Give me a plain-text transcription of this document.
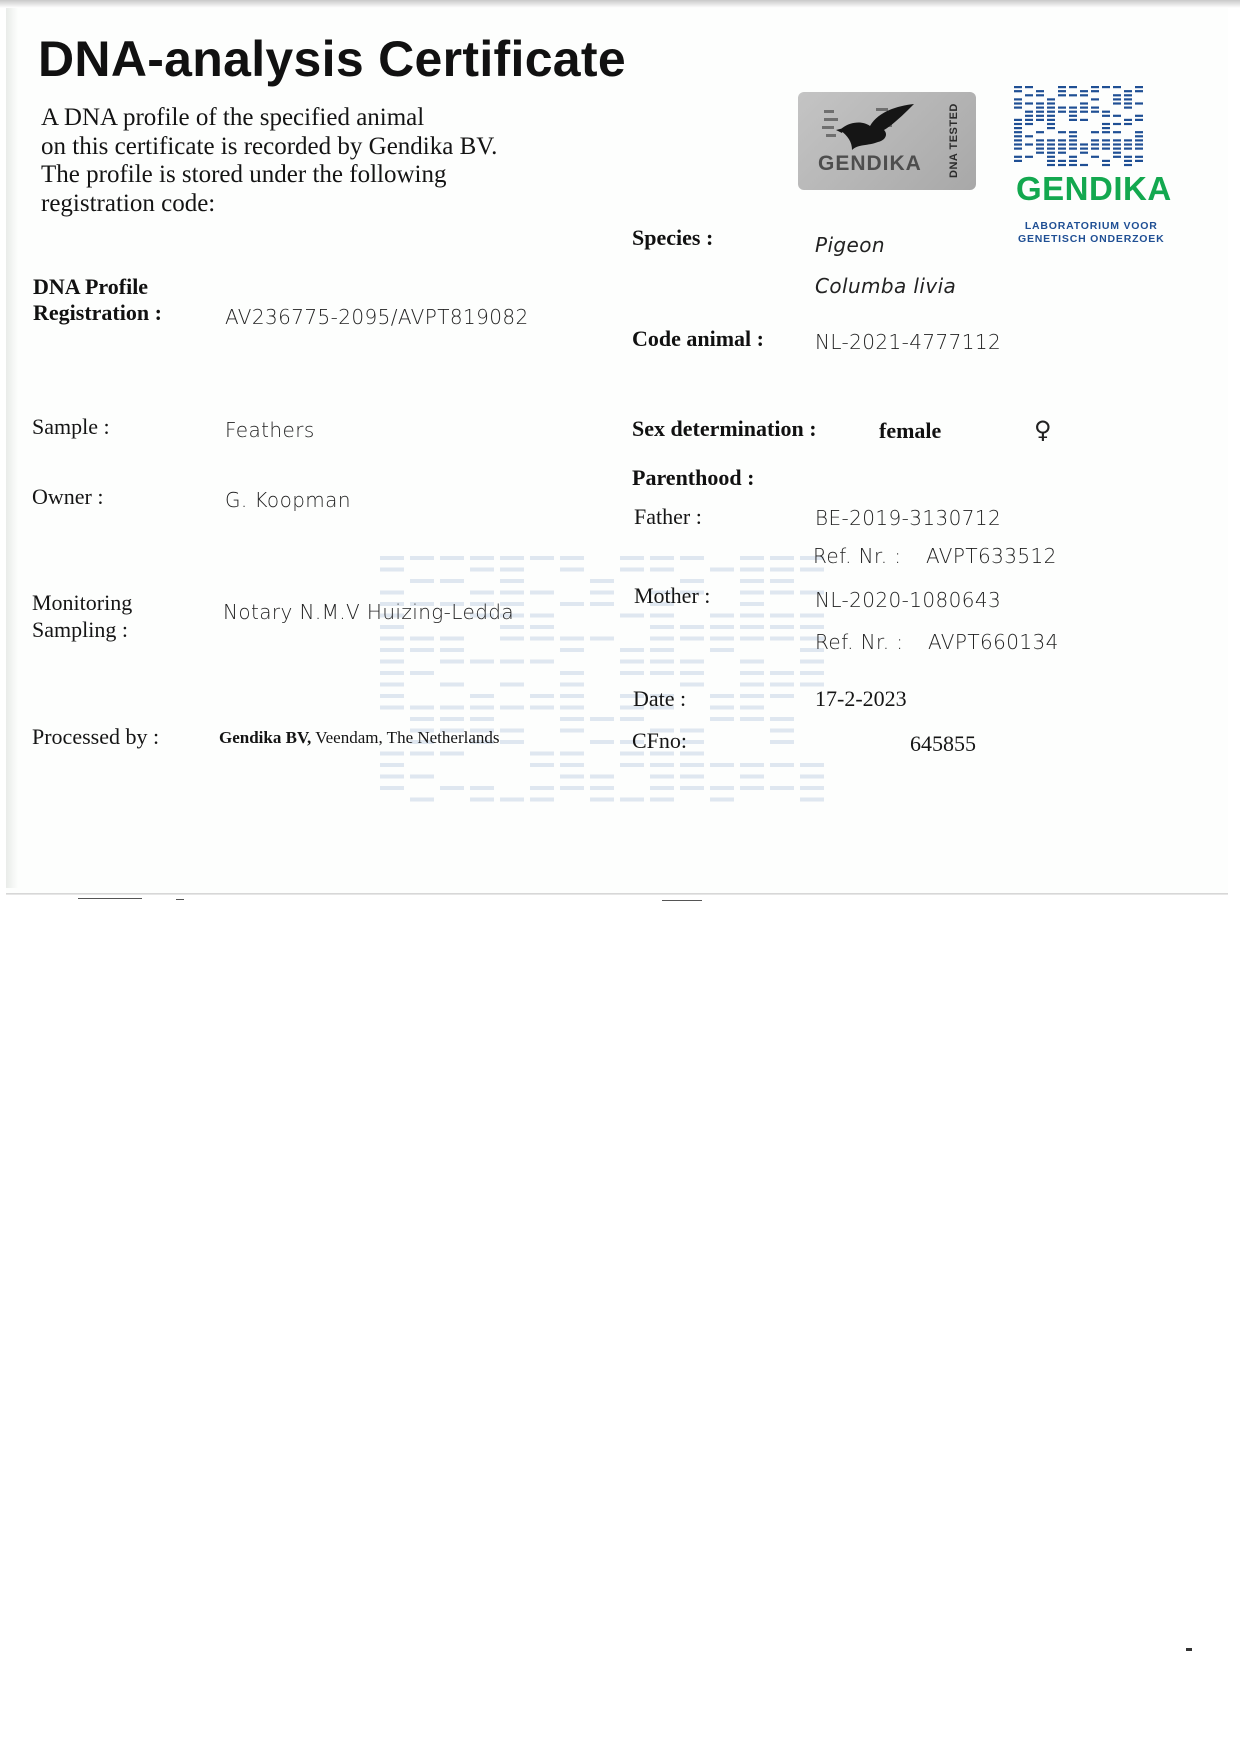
DNA-analysis Certificate
A DNA profile of the specified animal
on this certificate is recorded by Gendika BV.
The profile is stored under the following
registration code:
GENDIKA DNA TESTED
GENDIKA
LABORATORIUM VOOR
GENETISCH ONDERZOEK
DNA Profile
Registration :	AV236775-2095/AVPT819082
Sample :	Feathers
Owner :	G. Koopman
Monitoring
Sampling :
Notary N.M.V Huizing-Ledda
Processed by :	Gendika BV, Veendam, The Netherlands
Species :	Pigeon
Columba livia
Code animal :	NL-2021-4777112
Sex determination :	female	♀
Parenthood :
Father :	BE-2019-3130712
Ref. Nr. : AVPT633512
Mother :	NL-2020-1080643
Ref. Nr. : AVPT660134
Date :	17-2-2023
CFno:	645855
